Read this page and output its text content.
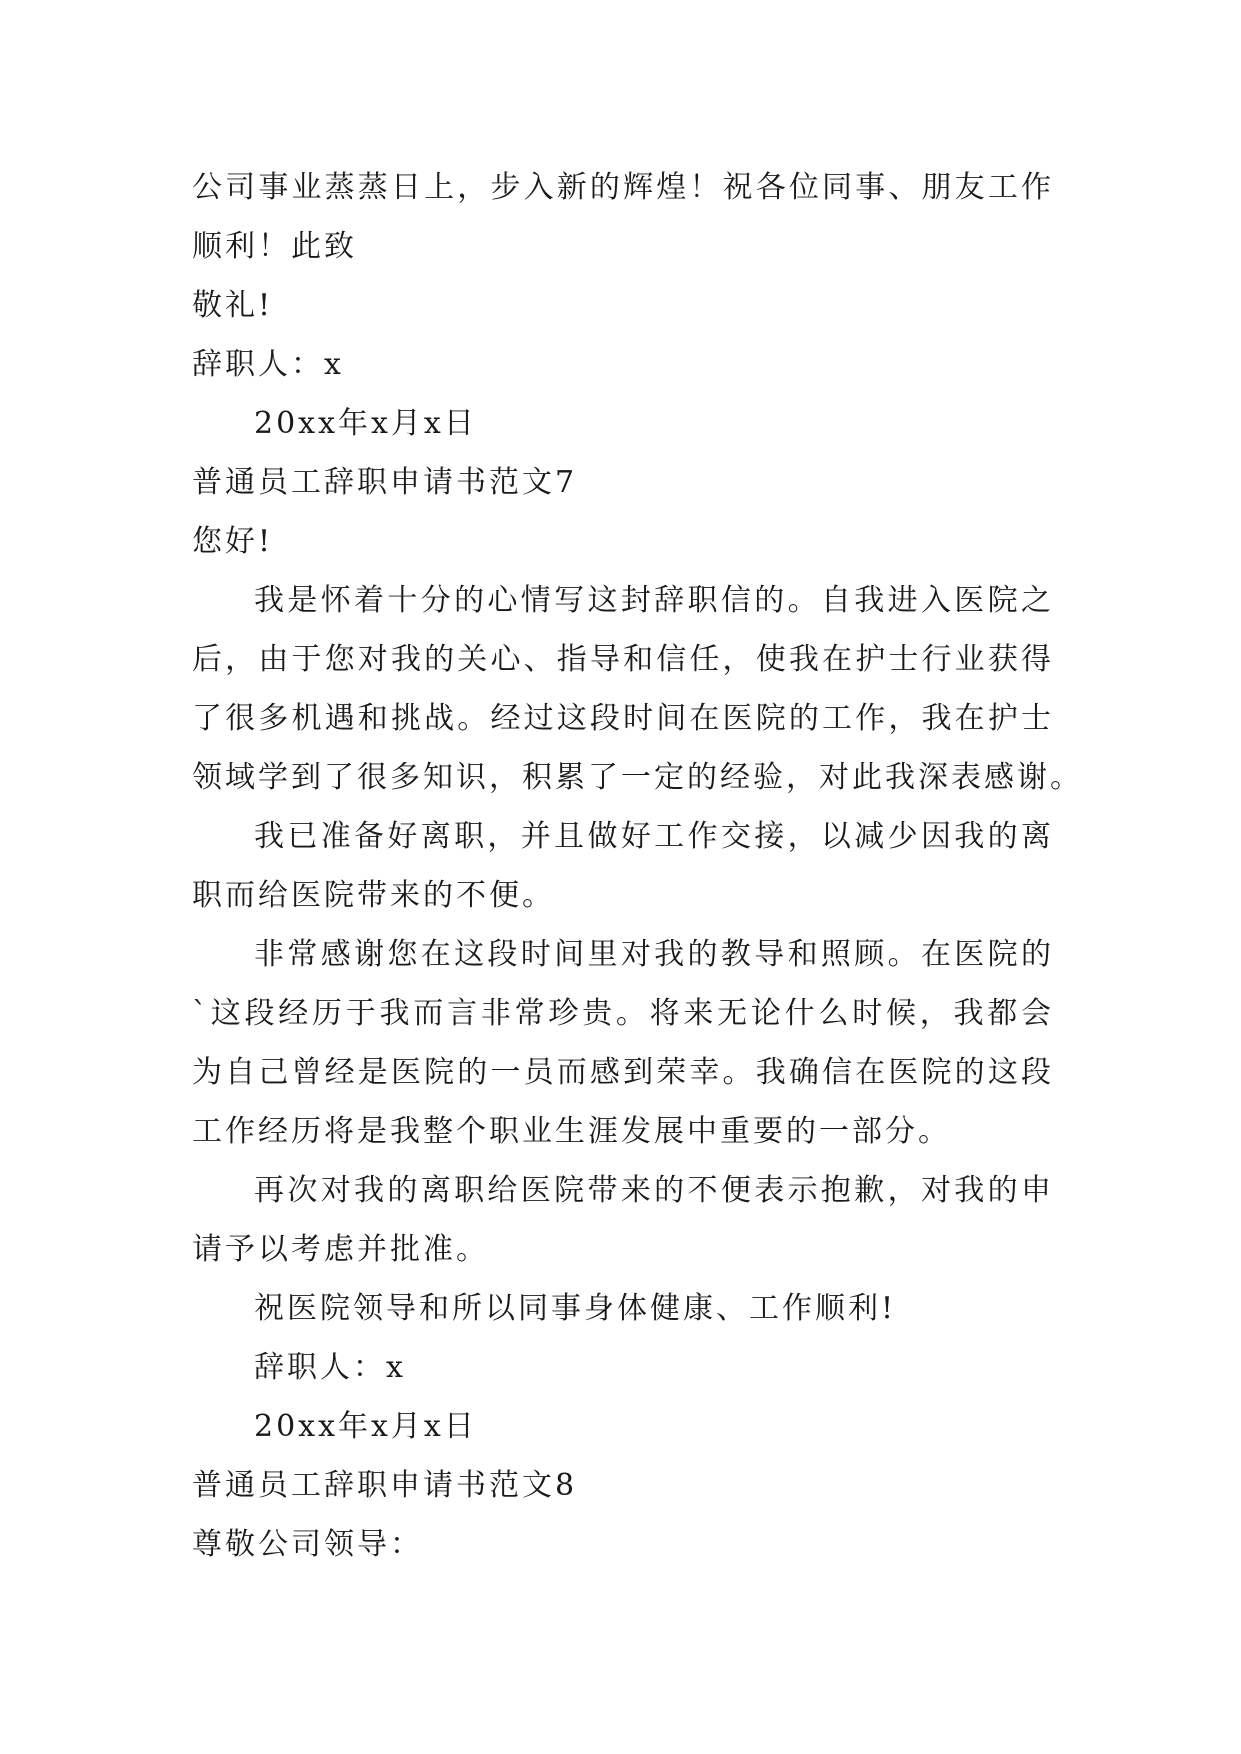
公司事业蒸蒸日上，步入新的辉煌！祝各位同事、朋友工作
顺利！此致
敬礼!
辞职人：x
20xx年x月x日
普通员工辞职申请书范文7
您好!
我是怀着十分的心情写这封辞职信的。自我进入医院之
后，由于您对我的关心、指导和信任，使我在护士行业获得
了很多机遇和挑战。经过这段时间在医院的工作，我在护士
领域学到了很多知识，积累了一定的经验，对此我深表感谢。
我已准备好离职，并且做好工作交接，以减少因我的离
职而给医院带来的不便。
非常感谢您在这段时间里对我的教导和照顾。在医院的
`这段经历于我而言非常珍贵。将来无论什么时候，我都会
为自己曾经是医院的一员而感到荣幸。我确信在医院的这段
工作经历将是我整个职业生涯发展中重要的一部分。
再次对我的离职给医院带来的不便表示抱歉，对我的申
请予以考虑并批准。
祝医院领导和所以同事身体健康、工作顺利!
辞职人：x
20xx年x月x日
普通员工辞职申请书范文8
尊敬公司领导：
